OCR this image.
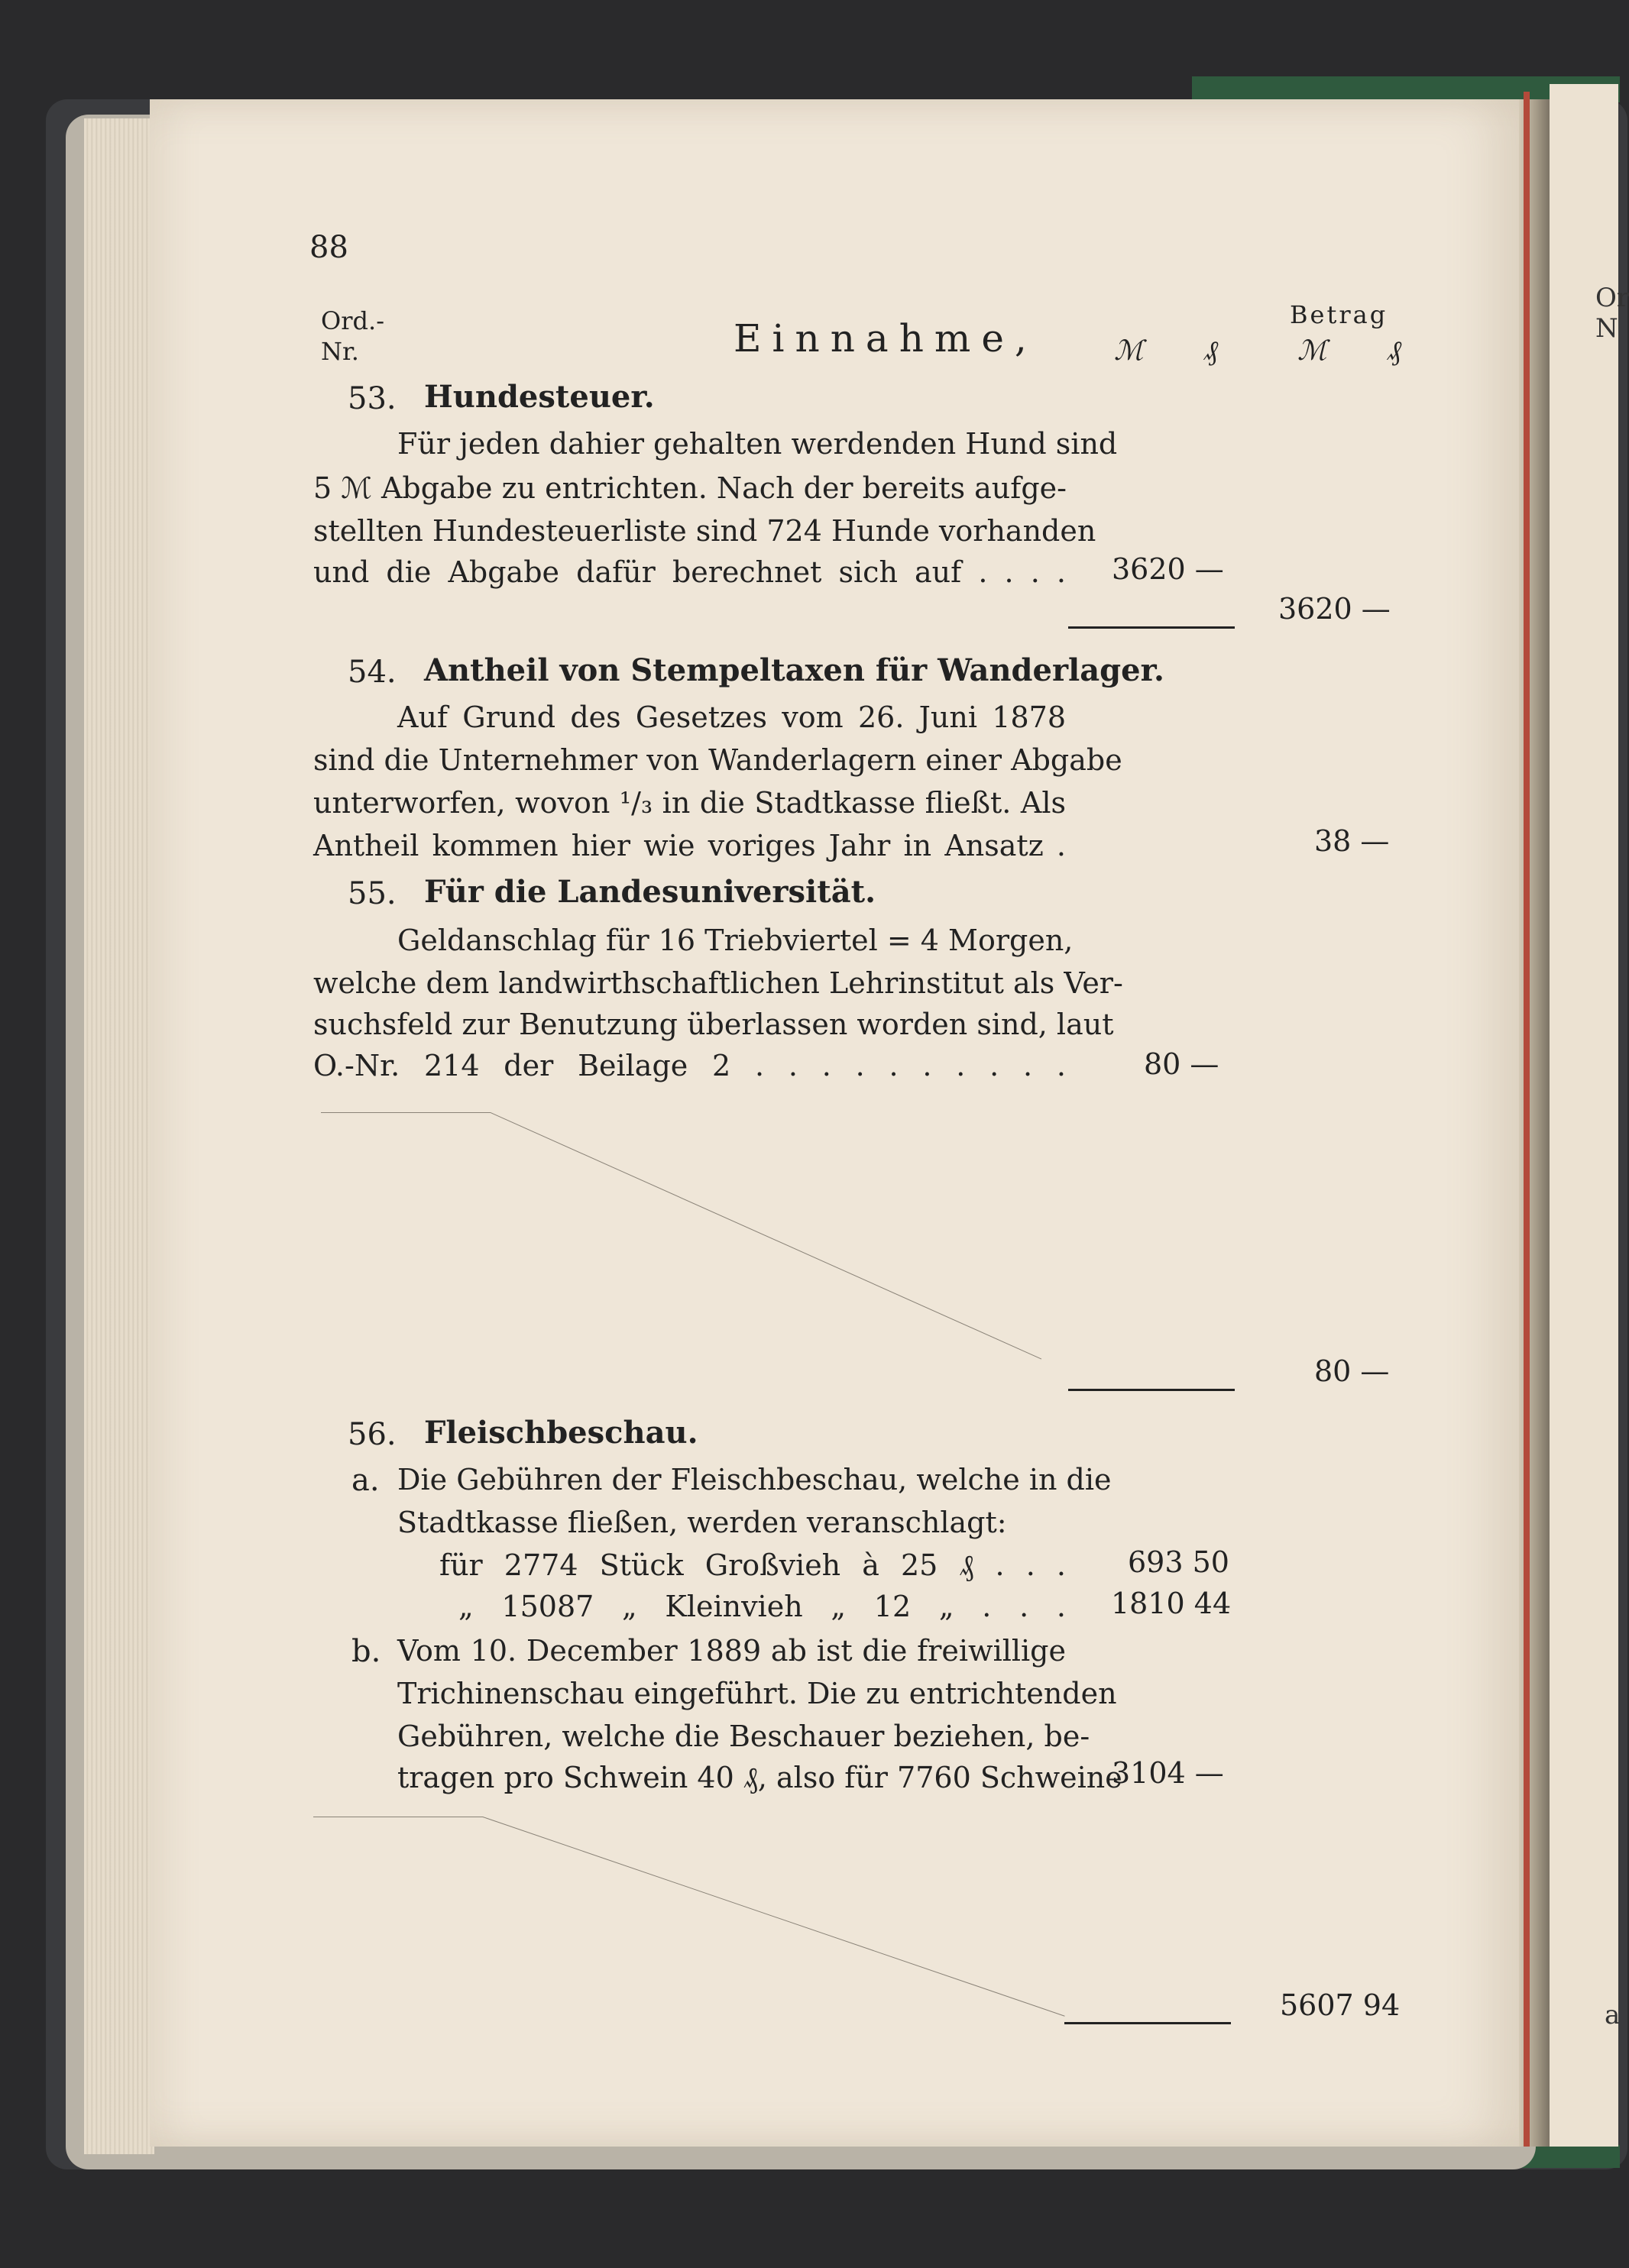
Or
N
a
88
Ord.-
Nr.	Einnahme,	ℳ ₰
Betrag
ℳ ₰
53. Hundesteuer.
Für jeden dahier gehalten werdenden Hund sind
5 ℳ Abgabe zu entrichten. Nach der bereits aufge-
stellten Hundesteuerliste sind 724 Hunde vorhanden
und die Abgabe dafür berechnet sich auf . . . . 3620 —
3620 —
54. Antheil von Stempeltaxen für Wanderlager.
Auf Grund des Gesetzes vom 26. Juni 1878
sind die Unternehmer von Wanderlagern einer Abgabe
unterworfen, wovon ¹/₃ in die Stadtkasse fließt. Als
Antheil kommen hier wie voriges Jahr in Ansatz .	38 —
55. Für die Landesuniversität.
Geldanschlag für 16 Triebviertel = 4 Morgen,
welche dem landwirthschaftlichen Lehrinstitut als Ver-
suchsfeld zur Benutzung überlassen worden sind, laut
O.-Nr. 214 der Beilage 2 . . . . . . . . . .	80 —
80 —
56. Fleischbeschau.
a. Die Gebühren der Fleischbeschau, welche in die
Stadtkasse fließen, werden veranschlagt:
für 2774 Stück Großvieh à 25 ₰ . . . 693 50
„ 15087 „ Kleinvieh „ 12 „ . . . 1810 44
b. Vom 10. December 1889 ab ist die freiwillige
Trichinenschau eingeführt. Die zu entrichtenden
Gebühren, welche die Beschauer beziehen, be-
tragen pro Schwein 40 ₰, also für 7760 Schweine
3104 —
5607 94
